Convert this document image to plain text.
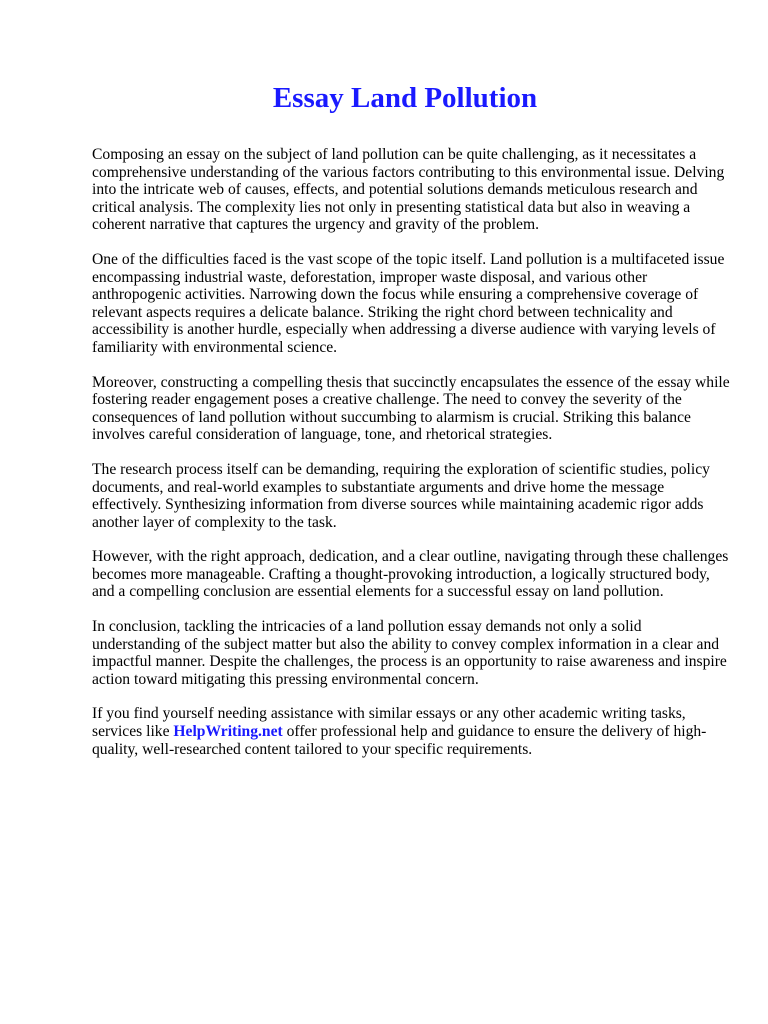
Essay Land Pollution

Composing an essay on the subject of land pollution can be quite challenging, as it necessitates a comprehensive understanding of the various factors contributing to this environmental issue. Delving into the intricate web of causes, effects, and potential solutions demands meticulous research and critical analysis. The complexity lies not only in presenting statistical data but also in weaving a coherent narrative that captures the urgency and gravity of the problem.

One of the difficulties faced is the vast scope of the topic itself. Land pollution is a multifaceted issue encompassing industrial waste, deforestation, improper waste disposal, and various other anthropogenic activities. Narrowing down the focus while ensuring a comprehensive coverage of relevant aspects requires a delicate balance. Striking the right chord between technicality and accessibility is another hurdle, especially when addressing a diverse audience with varying levels of familiarity with environmental science.

Moreover, constructing a compelling thesis that succinctly encapsulates the essence of the essay while fostering reader engagement poses a creative challenge. The need to convey the severity of the consequences of land pollution without succumbing to alarmism is crucial. Striking this balance involves careful consideration of language, tone, and rhetorical strategies.

The research process itself can be demanding, requiring the exploration of scientific studies, policy documents, and real-world examples to substantiate arguments and drive home the message effectively. Synthesizing information from diverse sources while maintaining academic rigor adds another layer of complexity to the task.

However, with the right approach, dedication, and a clear outline, navigating through these challenges becomes more manageable. Crafting a thought-provoking introduction, a logically structured body, and a compelling conclusion are essential elements for a successful essay on land pollution.

In conclusion, tackling the intricacies of a land pollution essay demands not only a solid understanding of the subject matter but also the ability to convey complex information in a clear and impactful manner. Despite the challenges, the process is an opportunity to raise awareness and inspire action toward mitigating this pressing environmental concern.

If you find yourself needing assistance with similar essays or any other academic writing tasks, services like HelpWriting.net offer professional help and guidance to ensure the delivery of high-quality, well-researched content tailored to your specific requirements.
